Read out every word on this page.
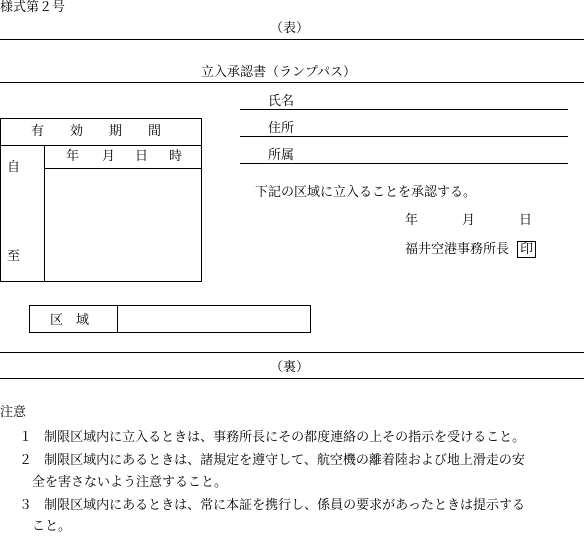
様式第２号
（表）
立入承認書（ランプパス）
氏名
住所
所属
有　　効　　期　　間
自
至
年 月 日 時
下記の区域に立入ることを承認する。
年	月	日
福井空港事務所長 印
区　域
（裏）
注意
１ 制限区域内に立入るときは、事務所長にその都度連絡の上その指示を受けること。
２ 制限区域内にあるときは、諸規定を遵守して、航空機の離着陸および地上滑走の安
全を害さないよう注意すること。
３ 制限区域内にあるときは、常に本証を携行し、係員の要求があったときは提示する
こと。
